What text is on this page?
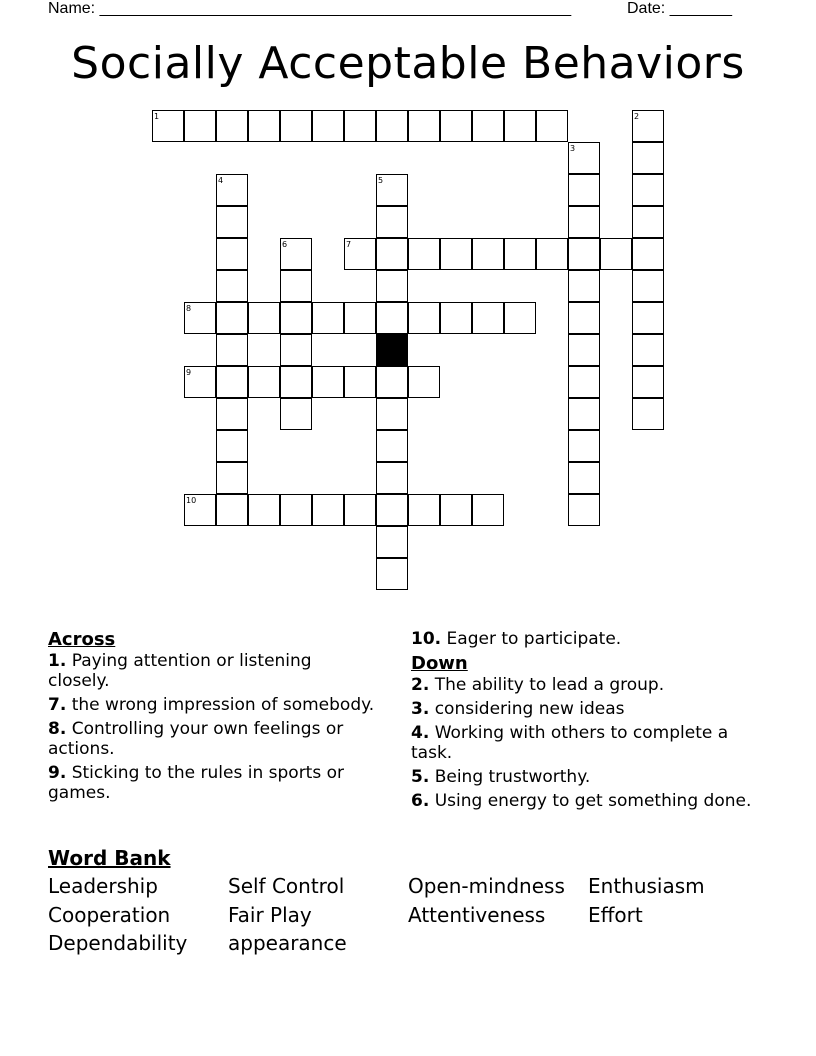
Name: _____________________________________________________	Date: _______
Socially Acceptable Behaviors
1	2
3
4	5
6	7
8
9
10
Across
1. Paying attention or listening closely.
7. the wrong impression of somebody.
8. Controlling your own feelings or actions.
9. Sticking to the rules in sports or games.
10. Eager to participate.
Down
2. The ability to lead a group.
3. considering new ideas
4. Working with others to complete a task.
5. Being trustworthy.
6. Using energy to get something done.
Word Bank
Leadership	Self Control	Open-mindness Enthusiasm
Cooperation	Fair Play	Attentiveness Effort
Dependability appearance
